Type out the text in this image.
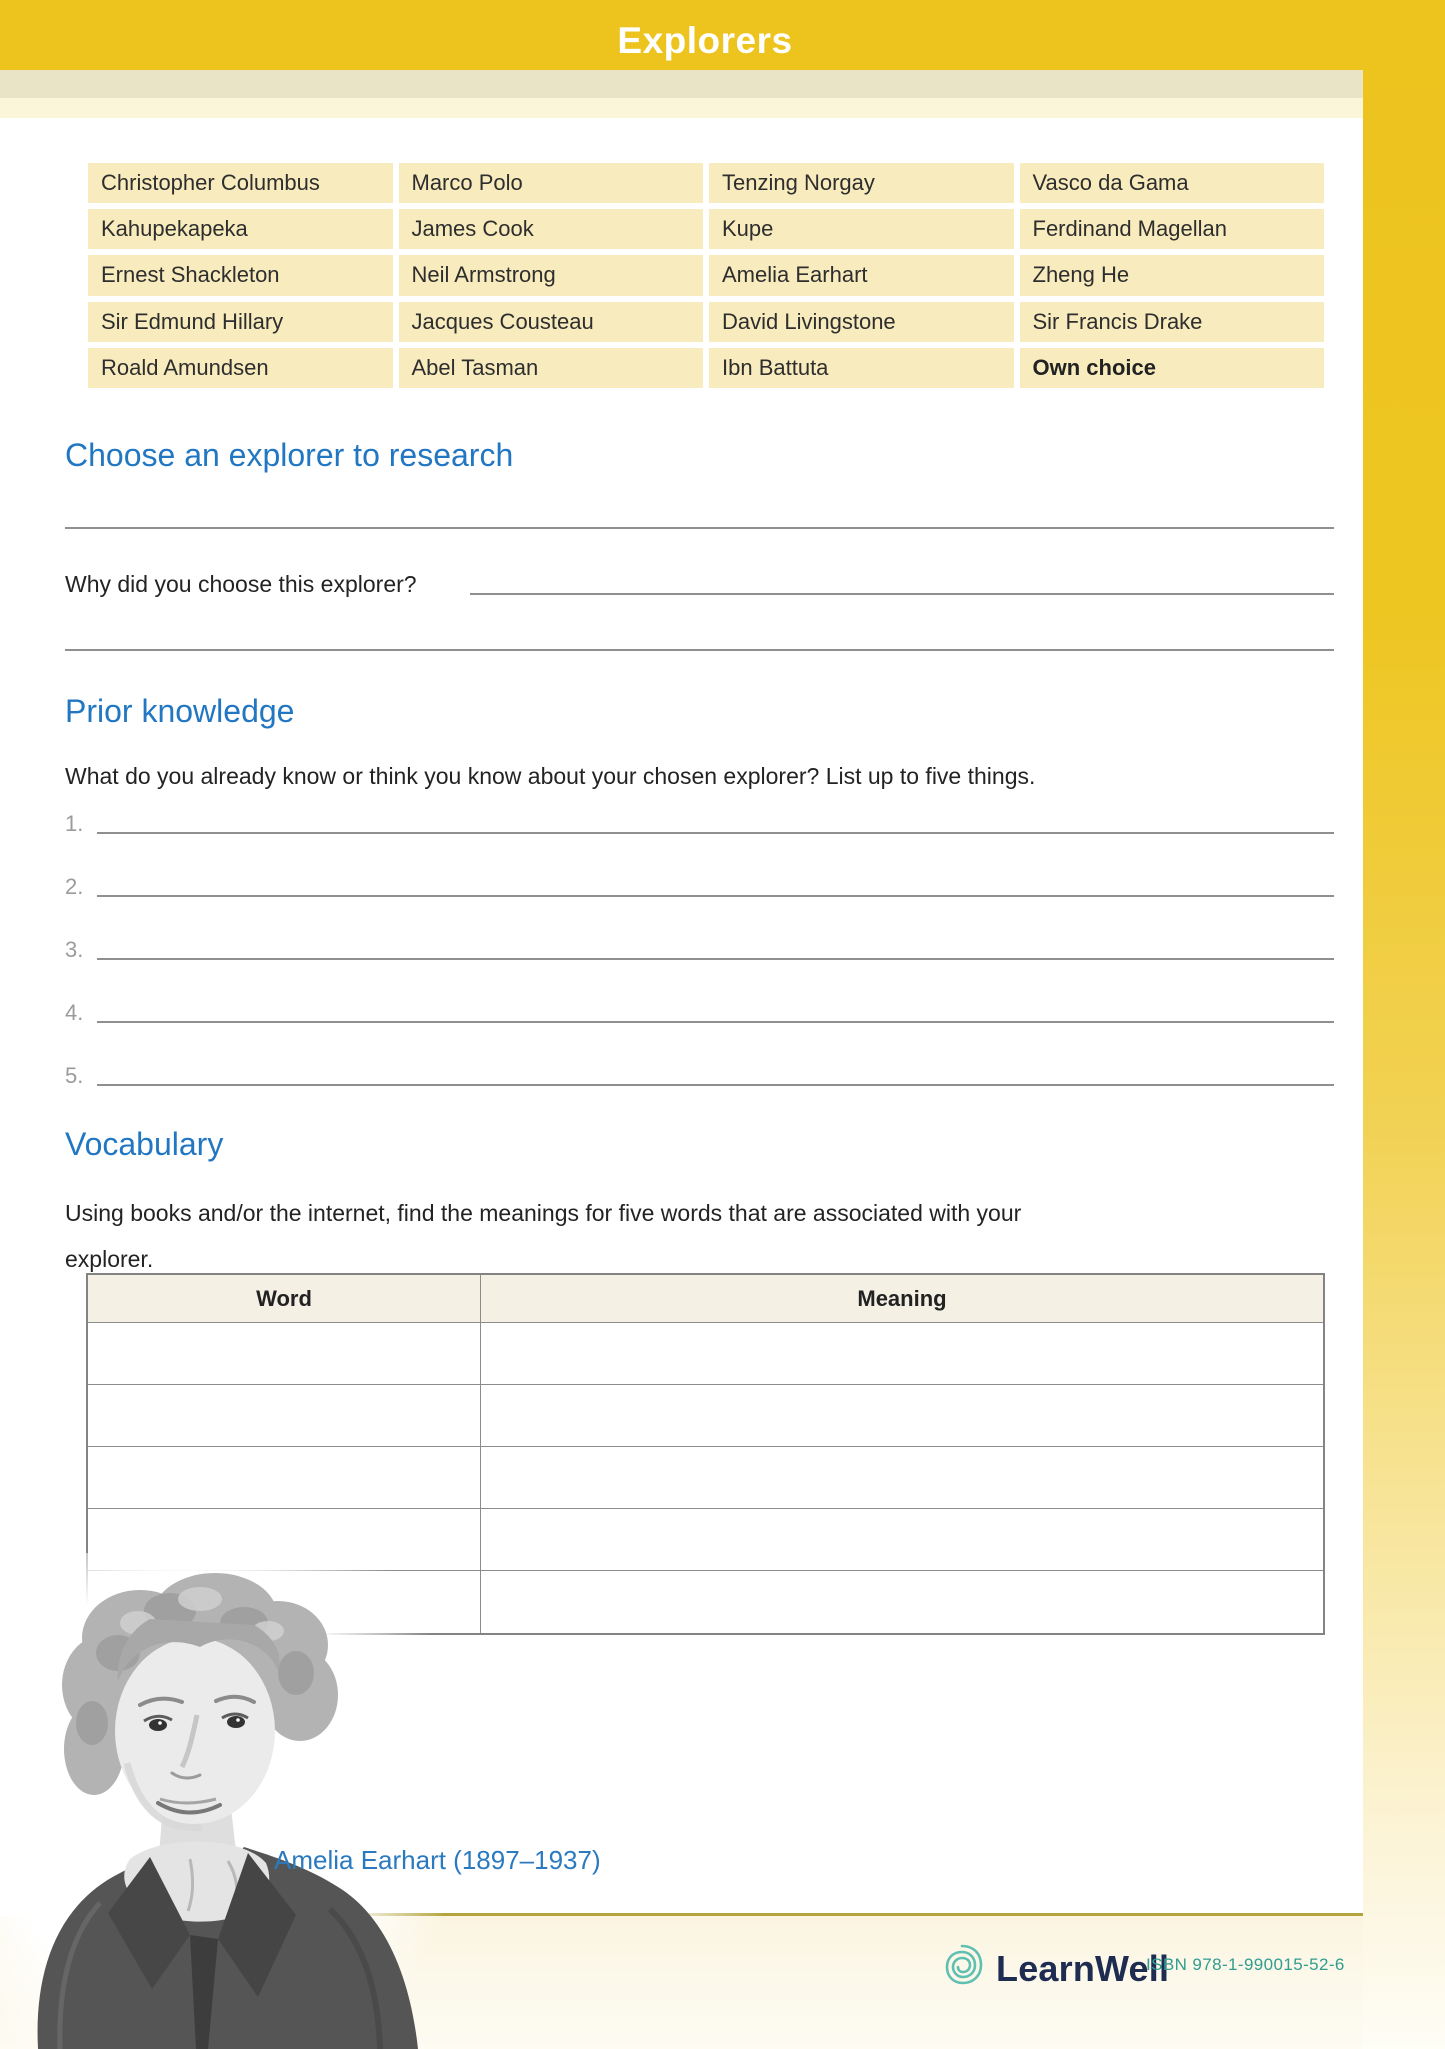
Explorers
Christopher Columbus	Marco Polo	Tenzing Norgay	Vasco da Gama
Kahupekapeka	James Cook	Kupe	Ferdinand Magellan
Ernest Shackleton	Neil Armstrong	Amelia Earhart	Zheng He
Sir Edmund Hillary	Jacques Cousteau	David Livingstone	Sir Francis Drake
Roald Amundsen	Abel Tasman	Ibn Battuta	Own choice
Choose an explorer to research
Why did you choose this explorer?
Prior knowledge
What do you already know or think you know about your chosen explorer? List up to five things.
1.
2.
3.
4.
5.
Vocabulary
Using books and/or the internet, find the meanings for five words that are associated with your explorer.
Word	Meaning
Amelia Earhart (1897–1937)
LearnWell
ISBN 978-1-990015-52-6
